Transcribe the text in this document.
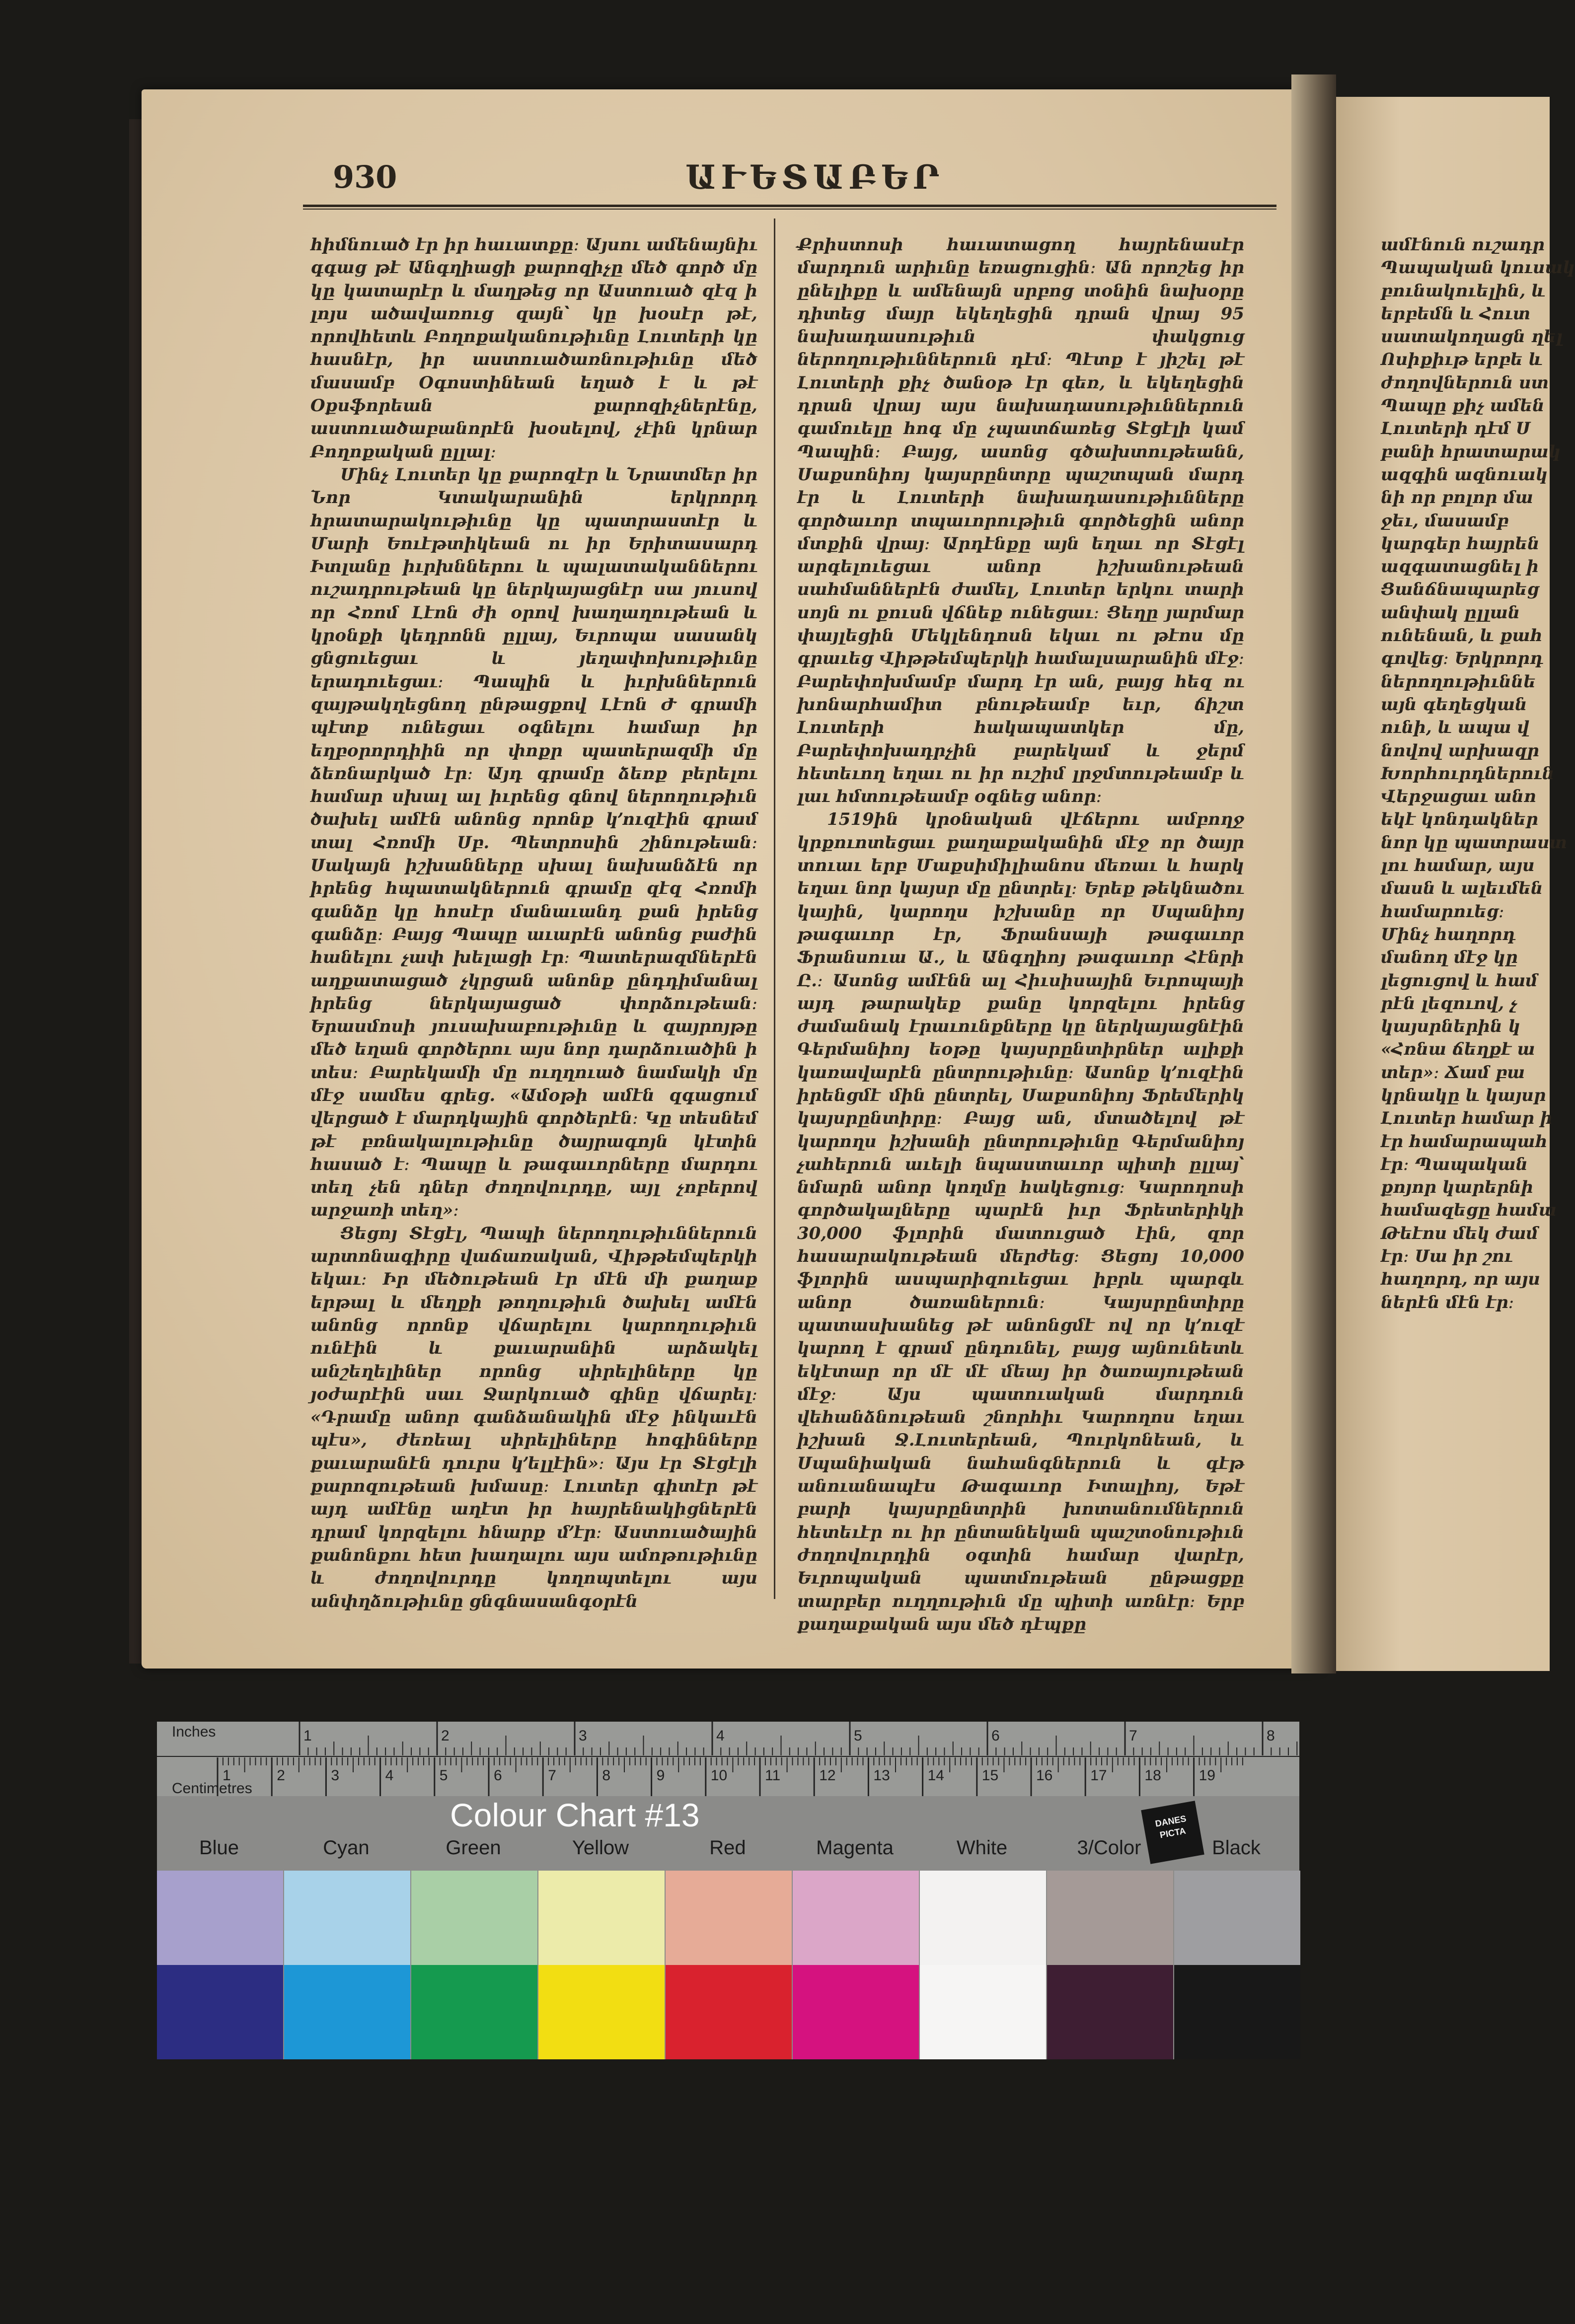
930	ԱՒԵՏԱԲԵՐ

հիմնուած էր իր հաւատքը։ Այսու ամենայնիւ գգաց թէ Անգղիացի քարոզիչը մեծ գործ մը կը կատարէր և մաղթեց որ Աստուած զէզ ի լոյս ածավառուց զայն՝ կը խօսէր թէ, որովհետև Բողոքականութիւնը Լուտերի կը հասնէր, իր աստուածառնութիւնը մեծ մասամբ Օգոստինեան եղած է և թէ Օքսֆորեան քարոզիչներէնը, աստուածաբանորէն խօսելով, չէին կրնար Բողոքական ըլլալ։

Մինչ Լուտեր կը քարոզէր և Նրատմեր իր Նոր Կտակարանին երկրորդ հրատարակութիւնը կը պատրաստէր և Մարի Եուէթտիկեան ու իր Երիտասարդ Իտլանը իւրխններու և պալատականներու ուշադրութեան կը ներկայացնէր սա յուսով որ Հռոմ Լէոն ժի օրով խաղաղութեան և կրօնքի կեդրոնն ըլլայ, Եւրոպա սասանկ ցնցուեցաւ և յեղափոխութիւնը երադուեցաւ։ Պապին և իւրխններուն զայթակղեցնող ընթացքով Լէոն Ժ գրամի պէտք ունեցաւ օգնելու համար իր եղբօրորդիին որ փոքր պատերազմի մը ձեռնարկած էր։ Այդ գրամը ձեռք բերելու համար սխալ ալ իւրենց գնով ներողութիւն ծախել ամէն անոնց որոնք կ՚ուզէին գրամ տալ Հռոմի Սբ. Պետրոսին շինութեան։ Սակայն իշխանները սխալ նախանձէն որ իրենց հպատակներուն գրամը զէզ Հռոմի գանձը կը հոսէր մանաւանդ քան իրենց գանձը։ Բայց Պապը աւարէն անոնց բաժին հանելու չափ խելացի էր։ Պատերազմներէն աղքատացած չկրցան անոնք ընդդիմանալ իրենց ներկայացած փորձութեան։ Երասմոսի յուսախաբութիւնը և զայրոյթը մեծ եղան գործերու այս նոր դարձուածին ի տես։ Բարեկամի մը ուղղուած նամակի մը մէջ սամես գրեց. «Ամօթի ամէն զգացում վերցած է մարդկային գործերէն։ Կը տեսնեմ թէ բռնակալութիւնը ծայրագոյն կէտին հասած է։ Պապը և թագաւորները մարդու տեղ չեն դներ ժողովուրդը, այլ չոբերով արջառի տեղ»։

Ցեցոյ Տէցէլ, Պապի ներողութիւններուն արտոնագիրը վաճառական, Վիթթեմպերկի եկաւ։ Իր մեծութեան էր մէն մի քաղաք երթալ և մեղքի թողութիւն ծախել ամէն անոնց որոնք վճարելու կարողութիւն ունէին և քաւարանին արձակել անշեղելիներ որոնց սիրելիները կը յօժարէին սաւ Ջարկուած գինը վճարել։ «Դրամը անոր գանձանակին մէջ ինկաւէն պէս», ժեռեալ սիրելիները հոգինները քաւարանէն դուրս կ՚ելլէին»։ Այս էր Տէցէլի քարոզութեան խմասը։ Լուտեր գիտէր թէ այդ ամէնը աղէտ իր հայրենակիցներէն դրամ կորզելու հնարք մ՚էր։ Աստուածային քանոնքու հետ խաղալու այս ամոթութիւնը և ժողովուրդը կողոպտելու այս անփղձութիւնը ցնգնասանգօրէն

Քրիստոսի հաւատացող հայրենասէր մարդուն արիւնը եռացուցին։ Ան որոշեց իր ընելիքը և ամենայն սրբոց տօնին նախօրը դիտեց մայր եկեղեցին դրան վրայ 95 նախադասութիւն փակցուց ներողութիւններուն դէմ։ Պէտք է յիշել թէ Լուտերի քիչ ծանօթ էր գեռ, և եկեղեցին դրան վրայ այս նախադասութիւններուն գամուելը հոգ մը չպատճառեց Տէցէլի կամ Պապին։ Բայց, ասոնց գծախտութեանն, Սաքսոնիոյ կայսրընտրը պաշտպան մարդ էր և Լուտերի նախադասութիւնները գործաւոր տպաւորութիւն գործեցին անոր մտքին վրայ։ Արդէնքը այն եղաւ որ Տէցէլ արգելուեցաւ անոր իշխանութեան սահմաններէն ժամել, Լուտեր երկու տարի սոյն ու քուսն վճնեք ունեցաւ։ Ցեղը յարմար փայլեցին Մեկլենդոսն եկաւ ու թէոս մը գրաւեց Վիթթեմպերկի համալսարանին մէջ։ Բարեփոխմամբ մարդ էր ան, բայց հեզ ու խոնարհամիտ բնութեամբ եւր, ճիշտ Լուտերի հակապատկեր մը, Բարեփոխադրչին բարեկամ և ջերմ հետեւող եղաւ ու իր ուշիմ լրջմտութեամբ և լաւ հմտութեամբ օգնեց անոր։

1519ին կրօնական վէճերու ամբողջ կրքուոտեցաւ քաղաքականին մէջ որ ծայր տուաւ երբ Մաքսիմիլիանոս մեռաւ և հարկ եղաւ նոր կայսր մը ընտրել։ Երեք թեկնածու կային, կարողս իշխանը որ Սպանիոյ թագաւոր էր, Ֆրանսայի թագաւոր Ֆրանսուա Ա., և Անգղիոյ թագաւոր Հէնրի Ը.։ Ասոնց ամէնն ալ Հիւսիսային Եւրոպայի այդ թարակեք քանը կորզելու իրենց ժամանակ էրաւունքները կը ներկայացնէին Գերմանիոյ եօթը կայսրընտիրներ ալիքի կառավարէն ընտրութիւնը։ Ասոնք կ՚ուզէին իրենցմէ մին ընտրել, Սաքսոնիոյ Ֆրեմերիկ կայսրընտիրը։ Բայց ան, մտածելով թէ կարողս իշխանի ընտրութիւնը Գերմանիոյ չահերուն աւելի նպաստաւոր պիտի ըլլայ՝ նմարն անոր կողմը հակեցուց։ Կարողոսի գործակալները պարէն իւր Ֆրետերիկի 30,000 ֆլորին մատուցած էին, զոր հասարակութեան մերժեց։ Ցեցոյ 10,000 ֆլորին ասպարիզուեցաւ իբրև պարգև անոր ծառաներուն։ Կայսրընտիրը պատասխանեց թէ անոնցմէ ով որ կ՚ուզէ կարող է գրամ ընդունել, բայց այնունետև եկէտար որ մէ մէ մեայ իր ծառայութեան մէջ։ Այս պատուական մարդուն վեհանձնութեան շնորհիւ Կարողոս եղաւ իշխան Ջ.Լուտերեան, Պուրկոնեան, և Սպանիական նահանգներուն և գէթ անուանապէս Թագաւոր Իտալիոյ, Եթէ բարի կայսրընտրին խոտանումներուն հետեւէր ու իր ընտանեկան պաշտօնութիւն ժողովուրդին օգտին համար վարէր, Եւրոպական պատմութեան ընթացքը տարբեր ուղղութիւն մը պիտի առնէր։ Երբ քաղաքական այս մեծ դէպքը

ամէնուն ուշադր
Պապական կուսակ
բունակուելին, և
երբեմն և Հուտ
սատակողացն ղել
Ոսիքիւթ երբե և
ժողովներուն ստ
Պապը քիչ ամեն
Լուտերի դէմ Ս
բանի հրատարակ
ազգին ազնուակ
նի որ բոլոր մա
ջեւ, մասամբ
կարգեր հայրեն
ազգատացնել ի
Ցանճնապարեց
անփակ ըլլան
ունենան, և քահ
գովեց։ Երկրորդ
ներողութիւննե
այն գեղեցկան
ունի, և ապա վ
նովով արխազր
Խորհուրդներուն
Վերջացաւ անո
եկէ կոնդակներ
նոր կը պատրաստ
լու համար, այս
մասն և ալեւմեն
համարուեց։
Մինչ հաղորդ
մանող մէջ կը
լեցուցով և համ
րէն լեզուով, չ
կայսրներին կ
«Հռնա ճեղքէ ա
տեր»։ Ճամ բա
կրնակը և կայսր
Լուտեր համար ի
էր համարապահ
էր։ Պապական
քոյոր կարերնի
համազեցը համա
Թեէոս մեկ ժամ
էր։ Սա իր շու
հաղորդ, որ այս
ներէն մէն էր։
1	2	3	4	5	6	7	8
1	2	3	4	5	6	7	8	9	10	11	12	13	14	15	16	17	18	19
Inches
Centimetres
Colour Chart #13	DANES PICTA
Blue	Cyan	Green	Yellow	Red	Magenta	White	3/Color	Black
